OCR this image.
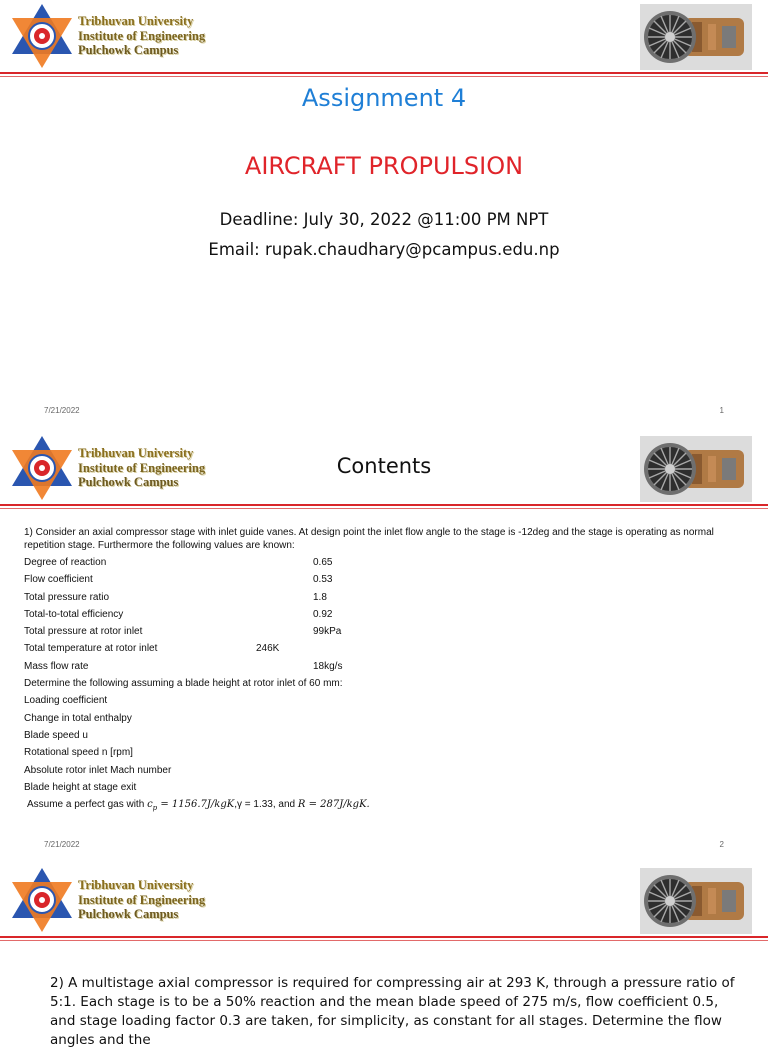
Tribhuvan University
Institute of Engineering
Pulchowk Campus
Assignment 4
AIRCRAFT PROPULSION
Deadline: July 30, 2022 @11:00 PM NPT
Email: rupak.chaudhary@pcampus.edu.np
7/21/2022	1
Tribhuvan University
Institute of Engineering
Pulchowk Campus
Contents
1) Consider an axial compressor stage with inlet guide vanes. At design point the inlet flow angle to the stage is -12deg and the stage is operating as normal repetition stage. Furthermore the following values are known:
Degree of reaction	0.65
Flow coefficient	0.53
Total pressure ratio	1.8
Total-to-total efficiency	0.92
Total pressure at rotor inlet	99kPa
Total temperature at rotor inlet	246K
Mass flow rate	18kg/s
Determine the following assuming a blade height at rotor inlet of 60 mm:
Loading coefficient
Change in total enthalpy
Blade speed u
Rotational speed n [rpm]
Absolute rotor inlet Mach number
Blade height at stage exit
Assume a perfect gas with $c_p = 1156.7J/kgK,\gamma = 1.33$, and R = 287J/kgK.
7/21/2022	2
Tribhuvan University
Institute of Engineering
Pulchowk Campus
2) A multistage axial compressor is required for compressing air at 293 K, through a pressure ratio of 5:1. Each stage is to be a 50% reaction and the mean blade speed of 275 m/s, flow coefficient 0.5, and stage loading factor 0.3 are taken, for simplicity, as constant for all stages. Determine the flow angles and the
